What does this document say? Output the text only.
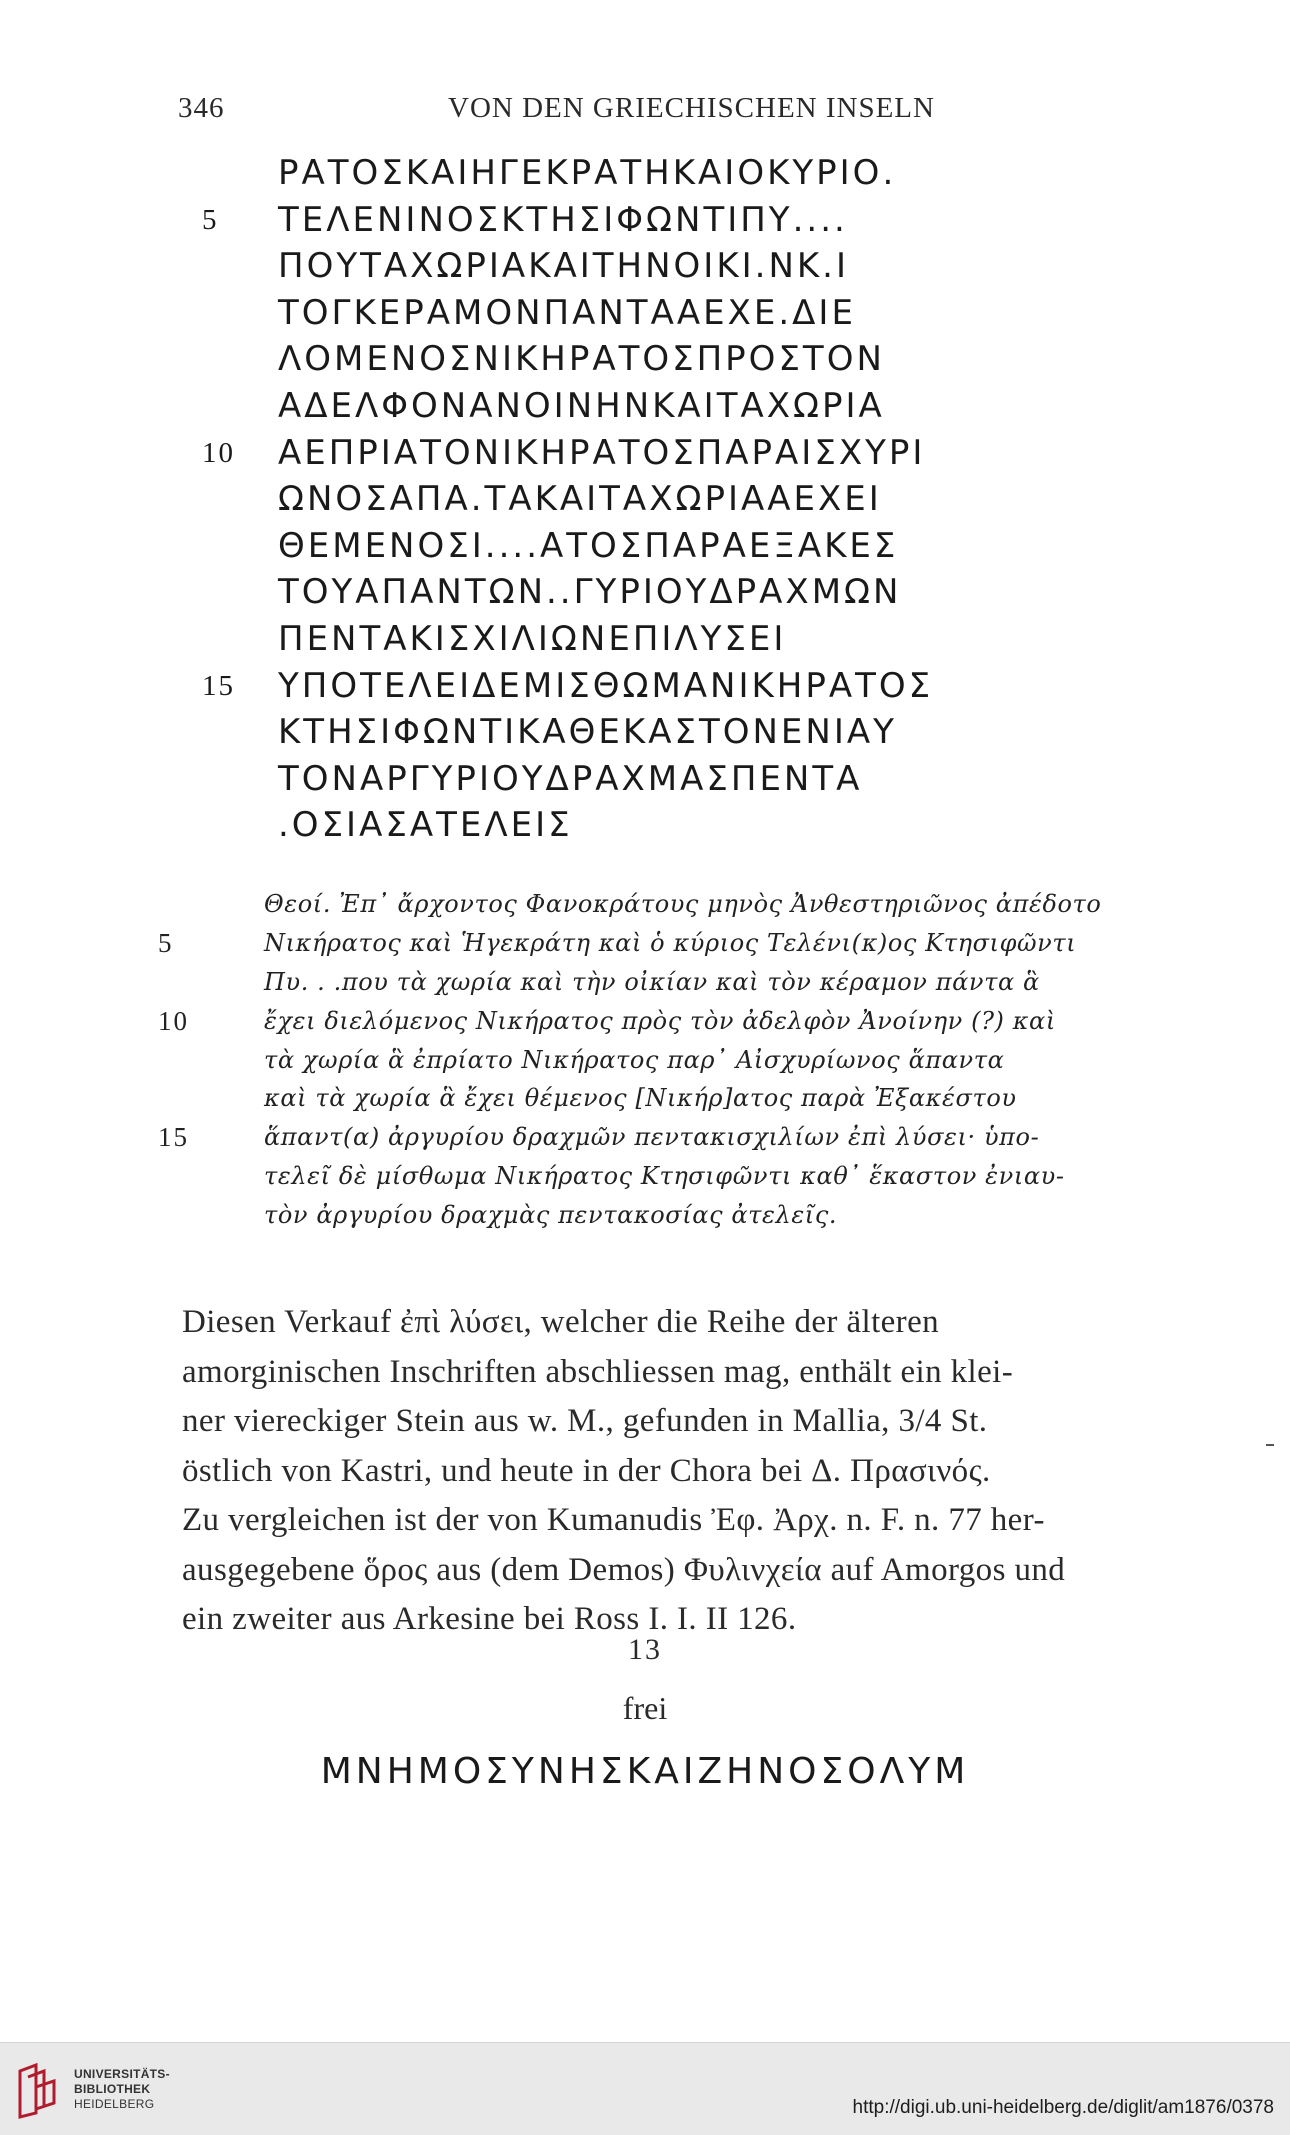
346	VON DEN GRIECHISCHEN INSELN
ΡΑΤΟΣΚΑΙΗΓΕΚΡΑΤΗΚΑΙΟΚΥΡΙΟ.
5 ΤΕΛΕΝΙΝΟΣΚΤΗΣΙΦΩΝΤΙΠΥ....
ΠΟΥΤΑΧΩΡΙΑΚΑΙΤΗΝΟΙΚΙ.ΝΚ.Ι
ΤΟΓΚΕΡΑΜΟΝΠΑΝΤΑΑΕΧΕ.ΔΙΕ
ΛΟΜΕΝΟΣΝΙΚΗΡΑΤΟΣΠΡΟΣΤΟΝ
ΑΔΕΛΦΟΝΑΝΟΙΝΗΝΚΑΙΤΑΧΩΡΙΑ
10 ΑΕΠΡΙΑΤΟΝΙΚΗΡΑΤΟΣΠΑΡΑΙΣΧΥΡΙ
ΩΝΟΣΑΠΑ.ΤΑΚΑΙΤΑΧΩΡΙΑΑΕΧΕΙ
ΘΕΜΕΝΟΣΙ....ΑΤΟΣΠΑΡΑΕΞΑΚΕΣ
ΤΟΥΑΠΑΝΤΩΝ..ΓΥΡΙΟΥΔΡΑΧΜΩΝ
ΠΕΝΤΑΚΙΣΧΙΛΙΩΝΕΠΙΛΥΣΕΙ
15 ΥΠΟΤΕΛΕΙΔΕΜΙΣΘΩΜΑΝΙΚΗΡΑΤΟΣ
ΚΤΗΣΙΦΩΝΤΙΚΑΘΕΚΑΣΤΟΝΕΝΙΑΥ
ΤΟΝΑΡΓΥΡΙΟΥΔΡΑΧΜΑΣΠΕΝΤΑ
.ΟΣΙΑΣΑΤΕΛΕΙΣ
Θεοί. Ἐπ᾽ ἄρχοντος Φανοκράτους μηνὸς Ἀνθεστηριῶνος ἀπέδοτο
5	Νικήρατος καὶ Ἡγεκράτη καὶ ὁ κύριος Τελένι(κ)ος Κτησιφῶντι
Πυ. . .που τὰ χωρία καὶ τὴν οἰκίαν καὶ τὸν κέραμον πάντα ἃ
10	ἔχει διελόμενος Νικήρατος πρὸς τὸν ἀδελφὸν Ἀνοίνην (?) καὶ
τὰ χωρία ἃ ἐπρίατο Νικήρατος παρ᾽ Αἰσχυρίωνος ἅπαντα
καὶ τὰ χωρία ἃ ἔχει θέμενος [Νικήρ]ατος παρὰ Ἐξακέστου
15	ἅπαντ(α) ἀργυρίου δραχμῶν πεντακισχιλίων ἐπὶ λύσει· ὑπο-
τελεῖ δὲ μίσθωμα Νικήρατος Κτησιφῶντι καθ᾽ ἕκαστον ἐνιαυ-
τὸν ἀργυρίου δραχμὰς πεντακοσίας ἀτελεῖς.
Diesen Verkauf ἐπὶ λύσει, welcher die Reihe der älteren
amorginischen Inschriften abschliessen mag, enthält ein klei-
ner viereckiger Stein aus w. M., gefunden in Mallia, 3/4 St.
östlich von Kastri, und heute in der Chora bei Δ. Πρασινός.
Zu vergleichen ist der von Kumanudis Ἐφ. Ἀρχ. n. F. n. 77 her-
ausgegebene ὅρος aus (dem Demos) Φυλινχεία auf Amorgos und
ein zweiter aus Arkesine bei Ross I. I. II 126.
13
frei
ΜΝΗΜΟΣΥΝΗΣΚΑΙΖΗΝΟΣΟΛΥΜ
UNIVERSITÄTS-
BIBLIOTHEK
HEIDELBERG	http://digi.ub.uni-heidelberg.de/diglit/am1876/0378
